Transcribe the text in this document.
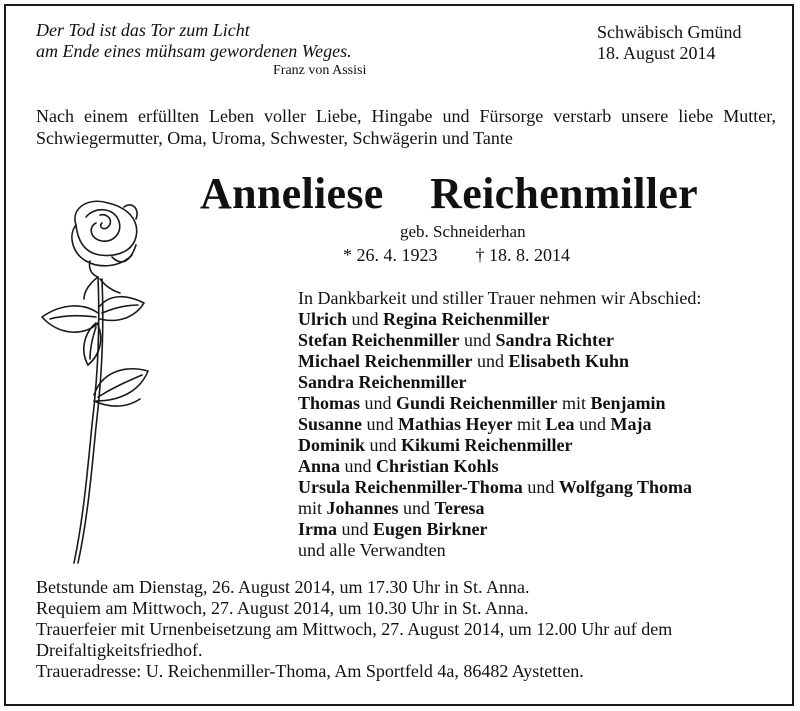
Der Tod ist das Tor zum Licht
am Ende eines mühsam gewordenen Weges.
Franz von Assisi
Schwäbisch Gmünd
18. August 2014
Nach einem erfüllten Leben voller Liebe, Hingabe und Fürsorge verstarb unsere liebe Mutter, Schwiegermutter, Oma, Uroma, Schwester, Schwägerin und Tante
Anneliese  Reichenmiller
geb. Schneiderhan
* 26. 4. 1923 † 18. 8. 2014
In Dankbarkeit und stiller Trauer nehmen wir Abschied:
Ulrich und Regina Reichenmiller
Stefan Reichenmiller und Sandra Richter
Michael Reichenmiller und Elisabeth Kuhn
Sandra Reichenmiller
Thomas und Gundi Reichenmiller mit Benjamin
Susanne und Mathias Heyer mit Lea und Maja
Dominik und Kikumi Reichenmiller
Anna und Christian Kohls
Ursula Reichenmiller-Thoma und Wolfgang Thoma
mit Johannes und Teresa
Irma und Eugen Birkner
und alle Verwandten
Betstunde am Dienstag, 26. August 2014, um 17.30 Uhr in St. Anna.
Requiem am Mittwoch, 27. August 2014, um 10.30 Uhr in St. Anna.
Trauerfeier mit Urnenbeisetzung am Mittwoch, 27. August 2014, um 12.00 Uhr auf dem
Dreifaltigkeitsfriedhof.
Traueradresse: U. Reichenmiller-Thoma, Am Sportfeld 4a, 86482 Aystetten.
